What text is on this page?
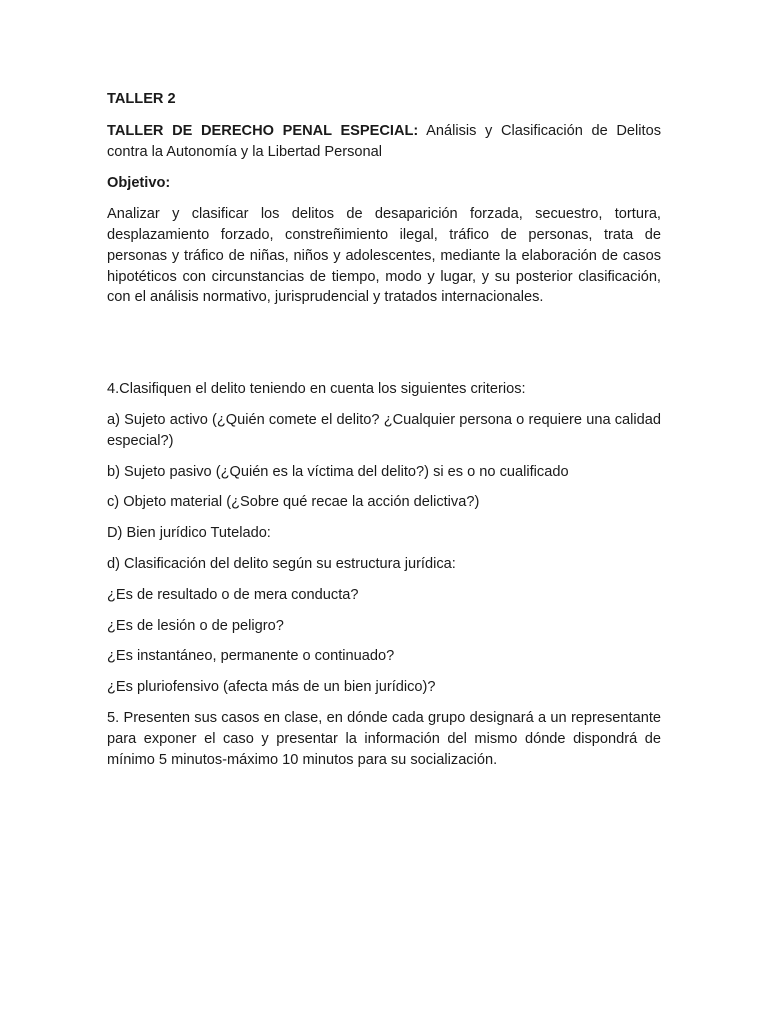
TALLER 2

TALLER DE DERECHO PENAL ESPECIAL: Análisis y Clasificación de Delitos contra la Autonomía y la Libertad Personal

Objetivo:

Analizar y clasificar los delitos de desaparición forzada, secuestro, tortura, desplazamiento forzado, constreñimiento ilegal, tráfico de personas, trata de personas y tráfico de niñas, niños y adolescentes, mediante la elaboración de casos hipotéticos con circunstancias de tiempo, modo y lugar, y su posterior clasificación, con el análisis normativo, jurisprudencial y tratados internacionales.

4.Clasifiquen el delito teniendo en cuenta los siguientes criterios:

a) Sujeto activo (¿Quién comete el delito? ¿Cualquier persona o requiere una calidad especial?)

b) Sujeto pasivo (¿Quién es la víctima del delito?) si es o no cualificado

c) Objeto material (¿Sobre qué recae la acción delictiva?)

D) Bien jurídico Tutelado:

d) Clasificación del delito según su estructura jurídica:

¿Es de resultado o de mera conducta?

¿Es de lesión o de peligro?

¿Es instantáneo, permanente o continuado?

¿Es pluriofensivo (afecta más de un bien jurídico)?

5. Presenten sus casos en clase, en dónde cada grupo designará a un representante para exponer el caso y presentar la información del mismo dónde dispondrá de mínimo 5 minutos-máximo 10 minutos para su socialización.
